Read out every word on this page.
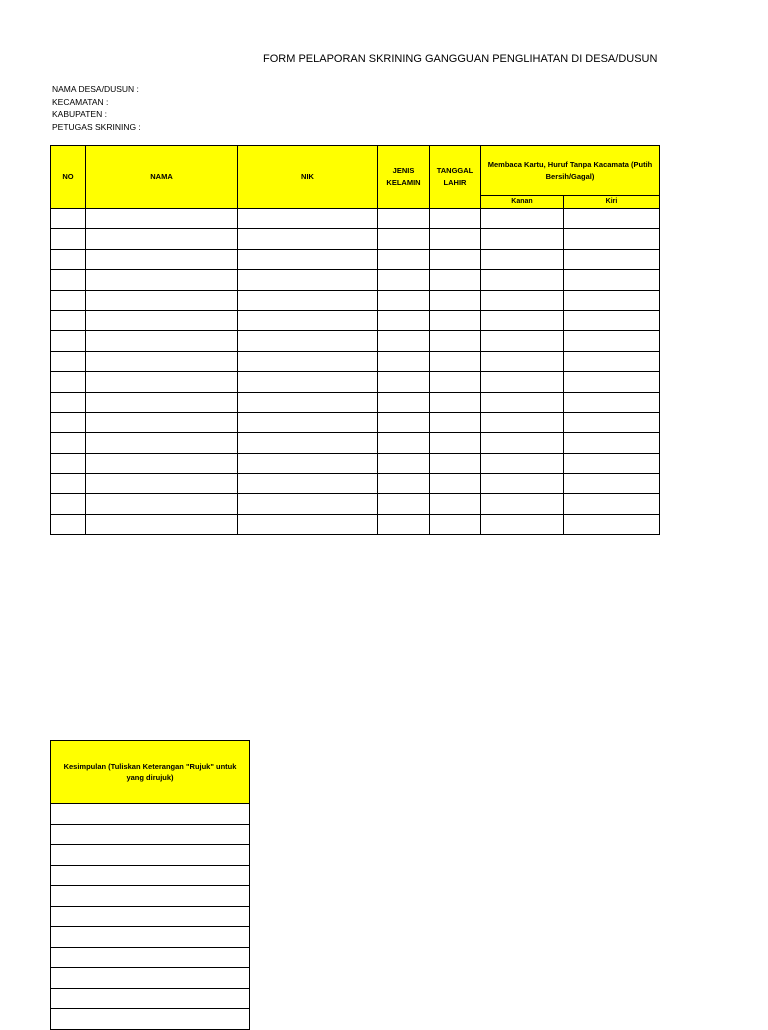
FORM PELAPORAN SKRINING GANGGUAN PENGLIHATAN DI DESA/DUSUN
NAMA DESA/DUSUN :
KECAMATAN :
KABUPATEN :
PETUGAS SKRINING :
NO	NAMA	NIK	JENIS KELAMIN	TANGGAL LAHIR	Membaca Kartu, Huruf Tanpa Kacamata (Putih Bersih/Gagal)	
					Kanan	Kiri

Kesimpulan (Tuliskan Keterangan "Rujuk" untuk yang dirujuk)
